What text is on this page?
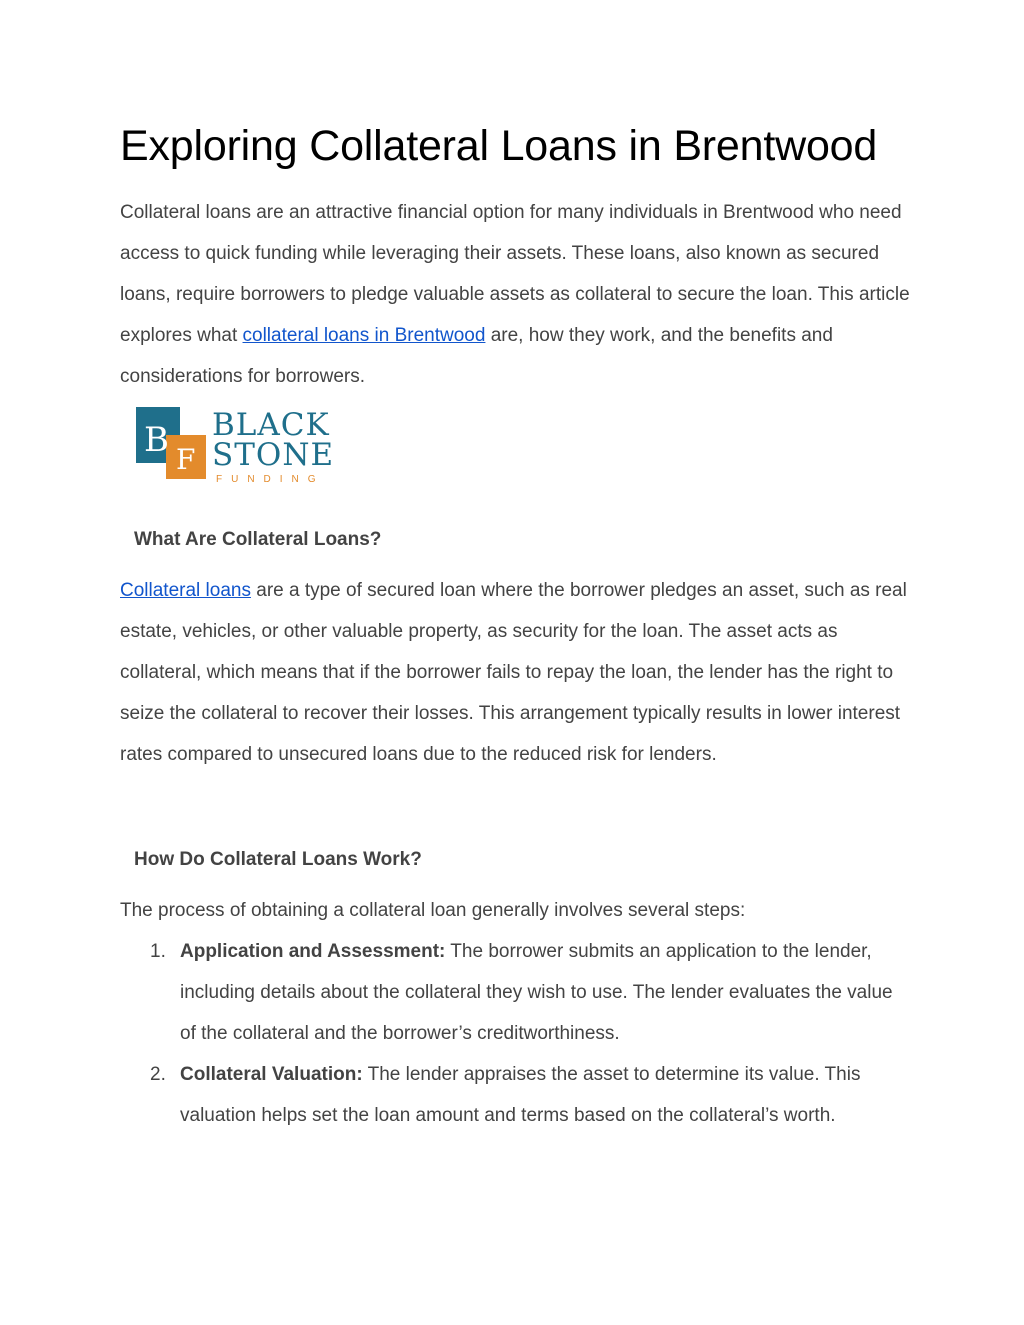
Exploring Collateral Loans in Brentwood

Collateral loans are an attractive financial option for many individuals in Brentwood who need access to quick funding while leveraging their assets. These loans, also known as secured loans, require borrowers to pledge valuable assets as collateral to secure the loan. This article explores what collateral loans in Brentwood are, how they work, and the benefits and considerations for borrowers.

What Are Collateral Loans?

Collateral loans are a type of secured loan where the borrower pledges an asset, such as real estate, vehicles, or other valuable property, as security for the loan. The asset acts as collateral, which means that if the borrower fails to repay the loan, the lender has the right to seize the collateral to recover their losses. This arrangement typically results in lower interest rates compared to unsecured loans due to the reduced risk for lenders.

How Do Collateral Loans Work?

The process of obtaining a collateral loan generally involves several steps:

1. Application and Assessment: The borrower submits an application to the lender, including details about the collateral they wish to use. The lender evaluates the value of the collateral and the borrower’s creditworthiness.
2. Collateral Valuation: The lender appraises the asset to determine its value. This valuation helps set the loan amount and terms based on the collateral’s worth.
B F
BLACK
STONE
FUNDING
